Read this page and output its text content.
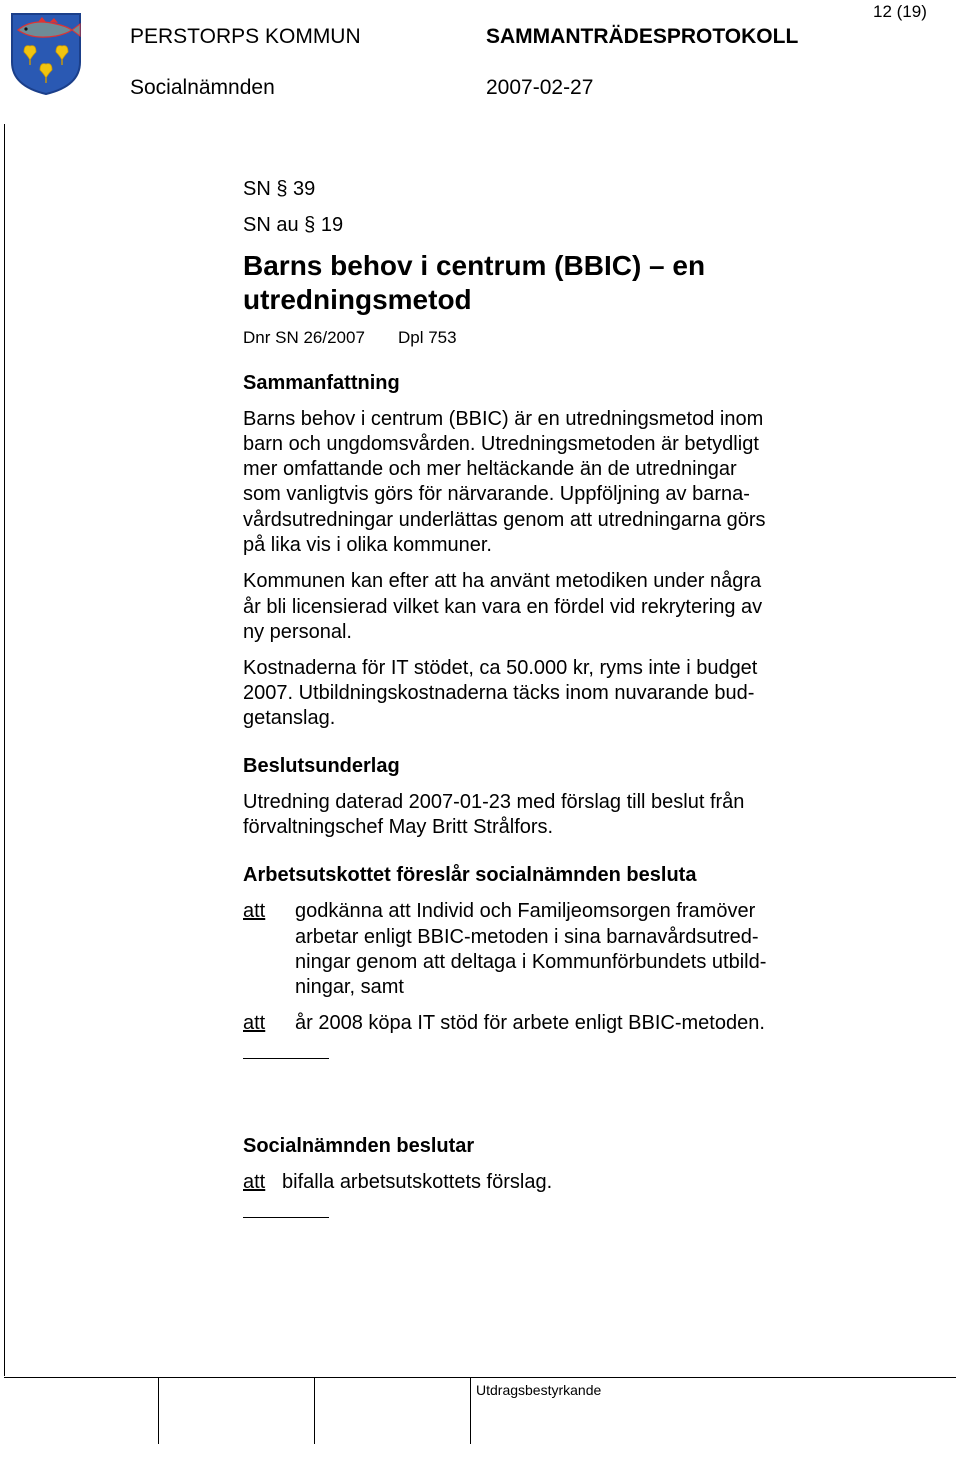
PERSTORPS KOMMUN	SAMMANTRÄDESPROTOKOLL
Socialnämnden	2007-02-27
12 (19)
SN § 39
SN au § 19
Barns behov i centrum (BBIC) – en
utredningsmetod
Dnr SN 26/2007 Dpl 753
Sammanfattning
Barns behov i centrum (BBIC) är en utredningsmetod inom
barn och ungdomsvården. Utredningsmetoden är betydligt
mer omfattande och mer heltäckande än de utredningar
som vanligtvis görs för närvarande. Uppföljning av barna-
vårdsutredningar underlättas genom att utredningarna görs
på lika vis i olika kommuner.
Kommunen kan efter att ha använt metodiken under några
år bli licensierad vilket kan vara en fördel vid rekrytering av
ny personal.
Kostnaderna för IT stödet, ca 50.000 kr, ryms inte i budget
2007. Utbildningskostnaderna täcks inom nuvarande bud-
getanslag.
Beslutsunderlag
Utredning daterad 2007-01-23 med förslag till beslut från
förvaltningschef May Britt Strålfors.
Arbetsutskottet föreslår socialnämnden besluta
att godkänna att Individ och Familjeomsorgen framöver
arbetar enligt BBIC-metoden i sina barnavårdsutred-
ningar genom att deltaga i Kommunförbundets utbild-
ningar, samt
att år 2008 köpa IT stöd för arbete enligt BBIC-metoden.
Socialnämnden beslutar
att bifalla arbetsutskottets förslag.
Utdragsbestyrkande
